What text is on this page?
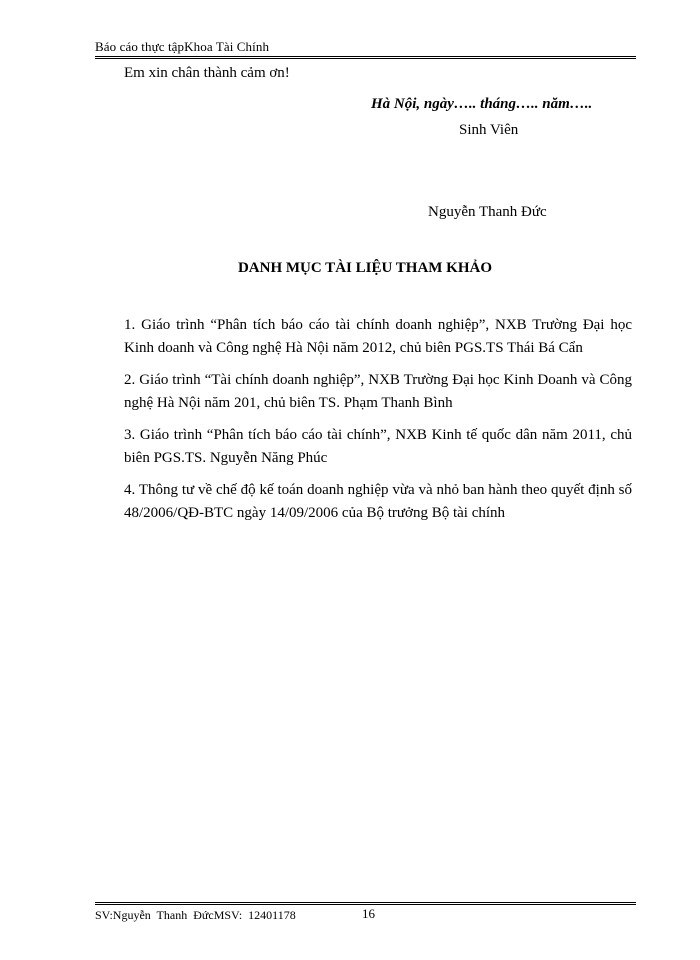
Báo cáo thực tậpKhoa Tài Chính
Em xin chân thành cảm ơn!
Hà Nội, ngày….. tháng….. năm…..
Sinh Viên
Nguyễn Thanh Đức
DANH MỤC TÀI LIỆU THAM KHẢO
1. Giáo trình “Phân tích báo cáo tài chính doanh nghiệp”, NXB Trường Đại học Kinh doanh và Công nghệ Hà Nội năm 2012, chủ biên PGS.TS Thái Bá Cẩn
2. Giáo trình “Tài chính doanh nghiệp”, NXB Trường Đại học Kinh Doanh và Công nghệ Hà Nội năm 201, chủ biên TS. Phạm Thanh Bình
3. Giáo trình “Phân tích báo cáo tài chính”, NXB Kinh tế quốc dân năm 2011, chủ biên PGS.TS. Nguyễn Năng Phúc
4. Thông tư về chế độ kế toán doanh nghiệp vừa và nhỏ ban hành theo quyết định số 48/2006/QĐ-BTC ngày 14/09/2006 của Bộ trưởng Bộ tài chính
SV:Nguyễn Thanh ĐứcMSV: 12401178	16
